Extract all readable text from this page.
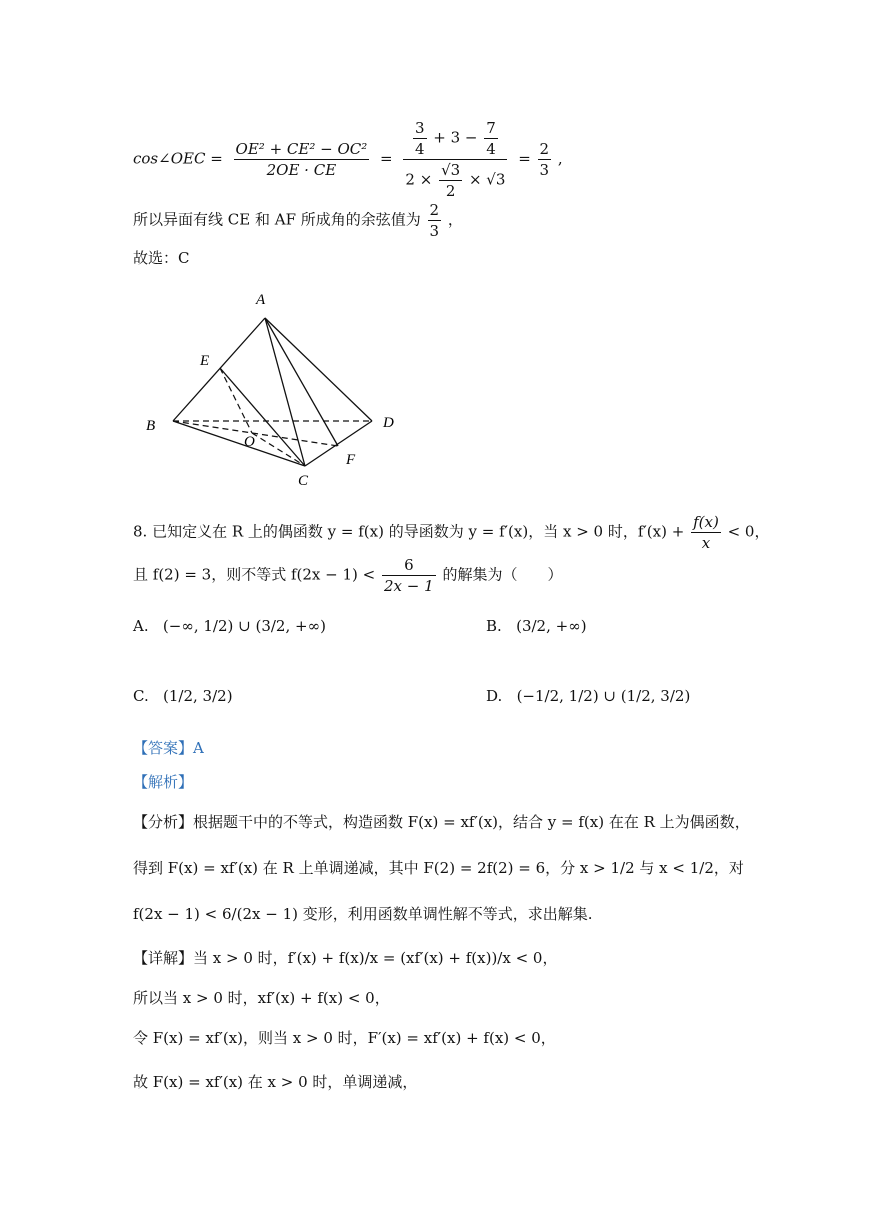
cos∠OEC = $\frac{\text{OE² + CE² − OC²}}{2OE \cdot CE} = \frac{\frac{3}{4} + 3 - \frac{7}{4}}{2 \times \frac{√3}{2} \times √3} = \frac{2}{3}$ ,
所以异面有线 CE 和 AF 所成角的余弦值为 $\frac{2}{3}$ ，
故选：C
A
E
B
O
D
F
C
8. 已知定义在 R 上的偶函数 y = f(x) 的导函数为 y = f′(x)，当 x > 0 时，$f'(x) + \frac{f(x)}{x} < 0$，
且 f(2) = 3，则不等式 $f(2x - 1) < \frac{6}{2x - 1}$ 的解集为（　　）
A. (−∞, 1/2) ∪ (3/2, +∞)	B. (3/2, +∞)
C. (1/2, 3/2)	D. (−1/2, 1/2) ∪ (1/2, 3/2)
【答案】A
【解析】
【分析】根据题干中的不等式，构造函数 F(x) = xf′(x)，结合 y = f(x) 在在 R 上为偶函数，
得到 F(x) = xf′(x) 在 R 上单调递减，其中 F(2) = 2f(2) = 6，分 x > 1/2 与 x < 1/2，对
f(2x − 1) < 6/(2x − 1) 变形，利用函数单调性解不等式，求出解集.
【详解】当 x > 0 时，f′(x) + f(x)/x = (xf′(x) + f(x))/x < 0，
所以当 x > 0 时，xf′(x) + f(x) < 0，
令 F(x) = xf′(x)，则当 x > 0 时，F′(x) = xf′(x) + f(x) < 0，
故 F(x) = xf′(x) 在 x > 0 时，单调递减，
